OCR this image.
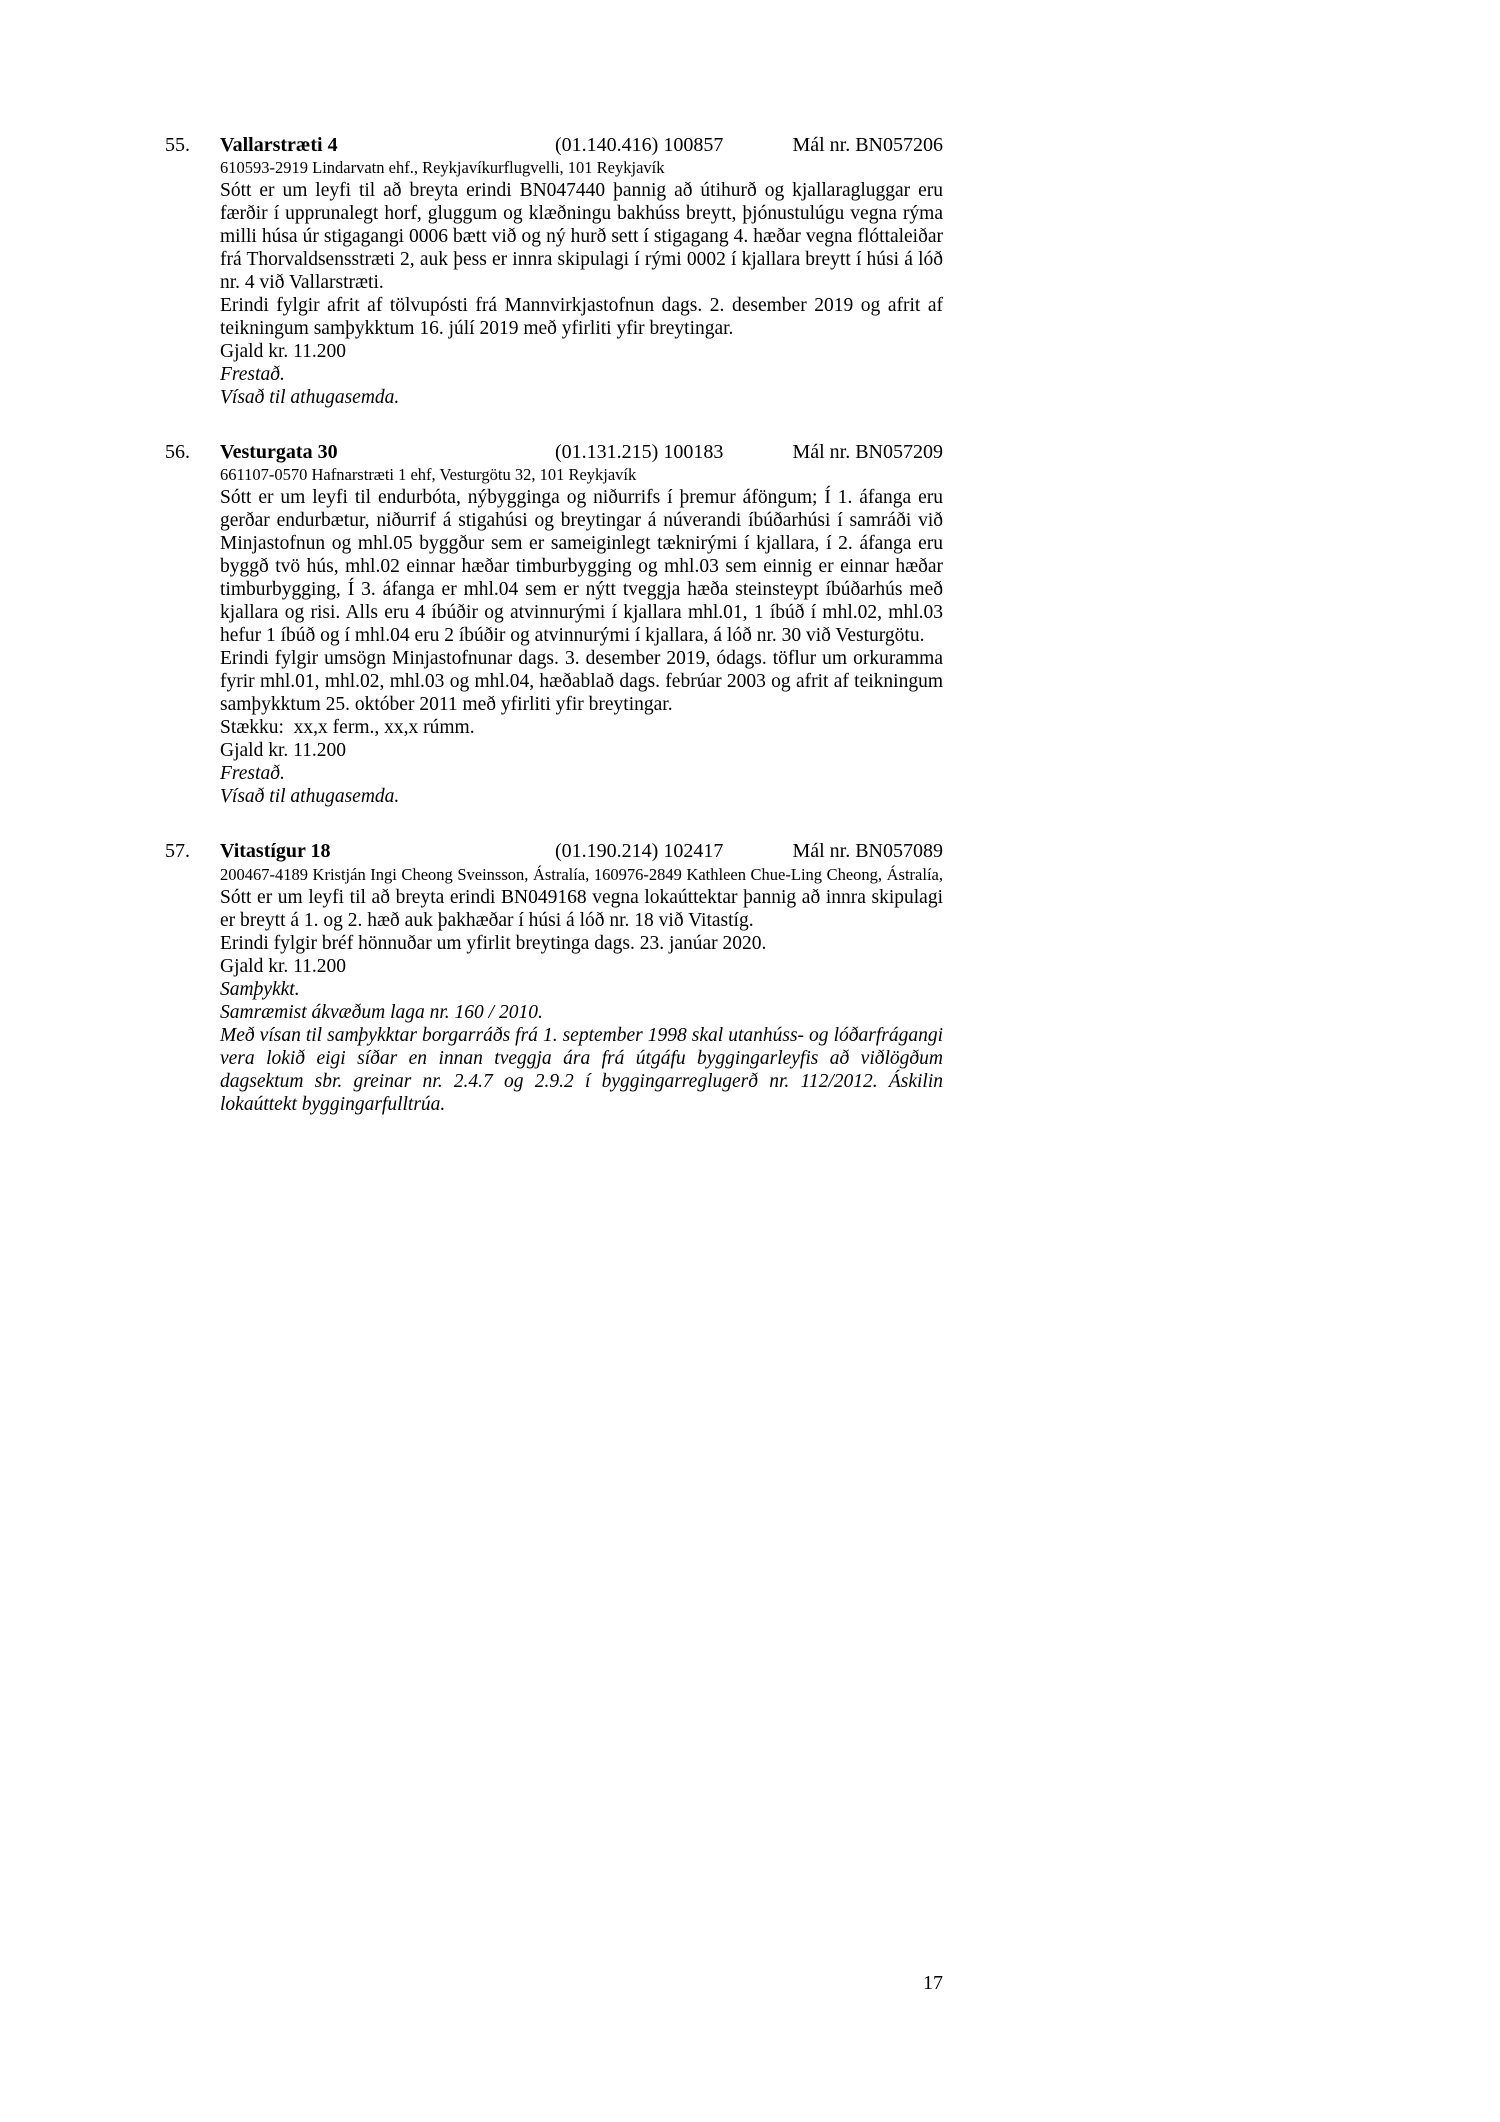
55.	Vallarstræti 4	(01.140.416) 100857	Mál nr. BN057206
610593-2919 Lindarvatn ehf., Reykjavíkurflugvelli, 101 Reykjavík

Sótt er um leyfi til að breyta erindi BN047440 þannig að útihurð og kjallaragluggar eru færðir í upprunalegt horf, gluggum og klæðningu bakhúss breytt, þjónustulúgu vegna rýma milli húsa úr stigagangi 0006 bætt við og ný hurð sett í stigagang 4. hæðar vegna flóttaleiðar frá Thorvaldsensstræti 2, auk þess er innra skipulagi í rými 0002 í kjallara breytt í húsi á lóð nr. 4 við Vallarstræti.

Erindi fylgir afrit af tölvupósti frá Mannvirkjastofnun dags. 2. desember 2019 og afrit af teikningum samþykktum 16. júlí 2019 með yfirliti yfir breytingar.

Gjald kr. 11.200

Frestað.

Vísað til athugasemda.

56.	Vesturgata 30	(01.131.215) 100183	Mál nr. BN057209
661107-0570 Hafnarstræti 1 ehf, Vesturgötu 32, 101 Reykjavík

Sótt er um leyfi til endurbóta, nýbygginga og niðurrifs í þremur áföngum; Í 1. áfanga eru gerðar endurbætur, niðurrif á stigahúsi og breytingar á núverandi íbúðarhúsi í samráði við Minjastofnun og mhl.05 byggður sem er sameiginlegt tæknirými í kjallara, í 2. áfanga eru byggð tvö hús, mhl.02 einnar hæðar timburbygging og mhl.03 sem einnig er einnar hæðar timburbygging, Í 3. áfanga er mhl.04 sem er nýtt tveggja hæða steinsteypt íbúðarhús með kjallara og risi. Alls eru 4 íbúðir og atvinnurými í kjallara mhl.01, 1 íbúð í mhl.02, mhl.03 hefur 1 íbúð og í mhl.04 eru 2 íbúðir og atvinnurými í kjallara, á lóð nr. 30 við Vesturgötu.

Erindi fylgir umsögn Minjastofnunar dags. 3. desember 2019, ódags. töflur um orkuramma fyrir mhl.01, mhl.02, mhl.03 og mhl.04, hæðablað dags. febrúar 2003 og afrit af teikningum samþykktum 25. október 2011 með yfirliti yfir breytingar.

Stækku:  xx,x ferm., xx,x rúmm.

Gjald kr. 11.200

Frestað.

Vísað til athugasemda.

57.	Vitastígur 18	(01.190.214) 102417	Mál nr. BN057089

200467-4189 Kristján Ingi Cheong Sveinsson, Ástralía, 160976-2849 Kathleen Chue-Ling Cheong, Ástralía, Sótt er um leyfi til að breyta erindi BN049168 vegna lokaúttektar þannig að innra skipulagi er breytt á 1. og 2. hæð auk þakhæðar í húsi á lóð nr. 18 við Vitastíg.

Erindi fylgir bréf hönnuðar um yfirlit breytinga dags. 23. janúar 2020.

Gjald kr. 11.200

Samþykkt.

Samræmist ákvæðum laga nr. 160 / 2010.

Með vísan til samþykktar borgarráðs frá 1. september 1998 skal utanhúss- og lóðarfrágangi vera lokið eigi síðar en innan tveggja ára frá útgáfu byggingarleyfis að viðlögðum dagsektum sbr. greinar nr. 2.4.7 og 2.9.2 í byggingarreglugerð nr. 112/2012. Áskilin lokaúttekt byggingarfulltrúa.

17
